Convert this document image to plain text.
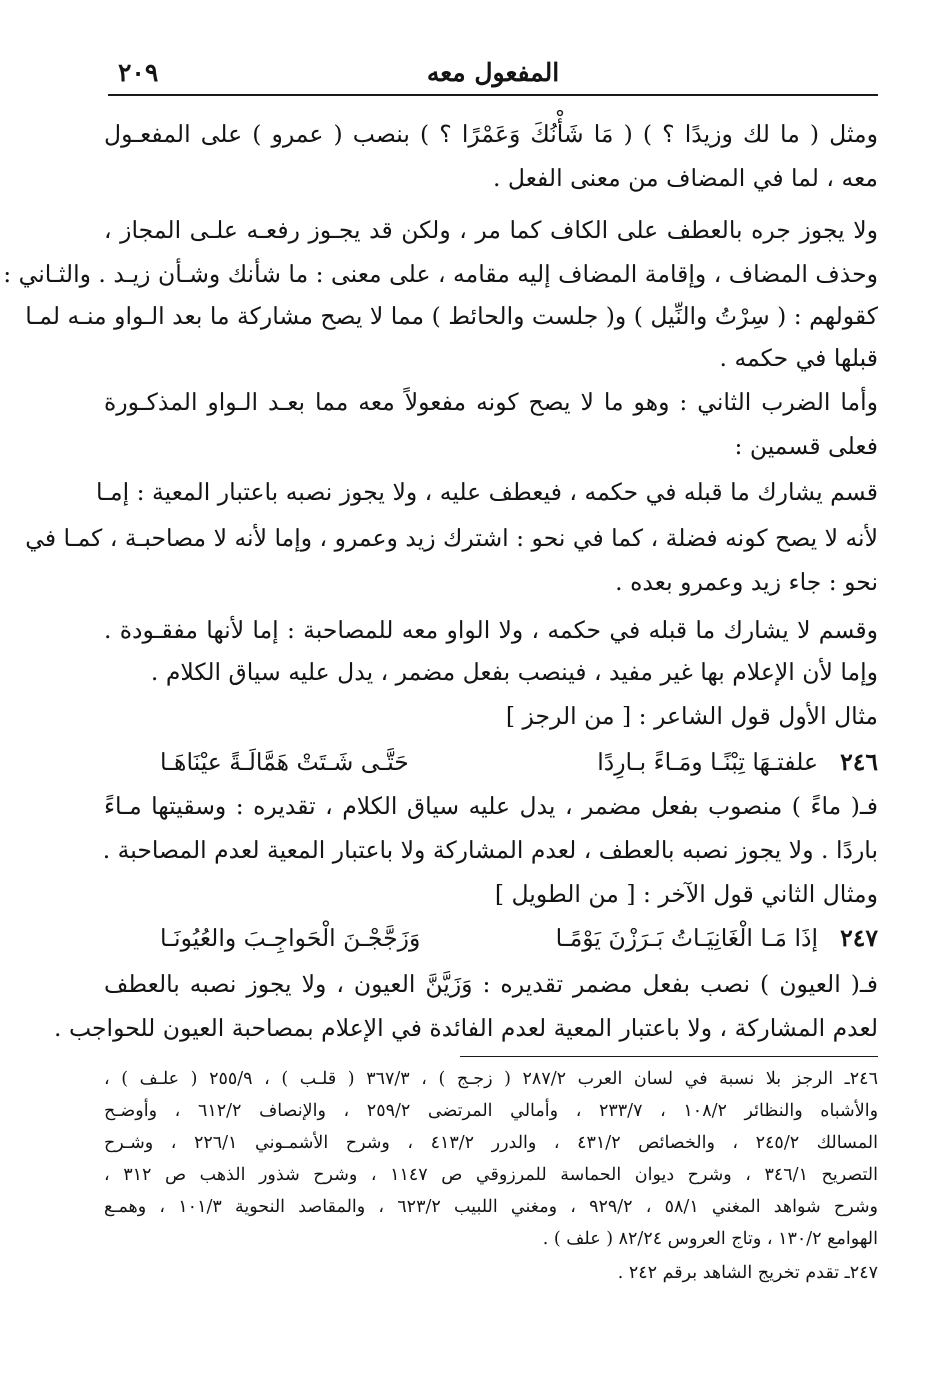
المفعول معه
٢٠٩
ومثل ( ما لك وزيدًا ؟ ) ( مَا شَأْنُكَ وَعَمْرًا ؟ ) بنصب ( عمرو ) على المفعـول
معه ، لما في المضاف من معنى الفعل .
ولا يجوز جره بالعطف على الكاف كما مر ، ولكن قد يجـوز رفعـه علـى المجاز ،
وحذف المضاف ، وإقامة المضاف إليه مقامه ، على معنى : ما شأنك وشـأن زيـد . والثـاني :
كقولهم : ( سِرْتُ والنِّيل ) و( جلست والحائط ) مما لا يصح مشاركة ما بعد الـواو منـه لمـا
قبلها في حكمه .
وأما الضرب الثاني : وهو ما لا يصح كونه مفعولاً معه مما بعـد الـواو المذكـورة
فعلى قسمين :
قسم يشارك ما قبله في حكمه ، فيعطف عليه ، ولا يجوز نصبه باعتبار المعية : إمـا
لأنه لا يصح كونه فضلة ، كما في نحو : اشترك زيد وعمرو ، وإما لأنه لا مصاحبـة ، كمـا في
نحو : جاء زيد وعمرو بعده .
وقسم لا يشارك ما قبله في حكمه ، ولا الواو معه للمصاحبة : إما لأنها مفقـودة .
وإما لأن الإعلام بها غير مفيد ، فينصب بفعل مضمر ، يدل عليه سياق الكلام .
مثال الأول قول الشاعر : [ من الرجز ]
فـ( ماءً ) منصوب بفعل مضمر ، يدل عليه سياق الكلام ، تقديره : وسقيتها مـاءً
باردًا . ولا يجوز نصبه بالعطف ، لعدم المشاركة ولا باعتبار المعية لعدم المصاحبة .
ومثال الثاني قول الآخر : [ من الطويل ]
فـ( العيون ) نصب بفعل مضمر تقديره : وَزَيَّنَّ العيون ، ولا يجوز نصبه بالعطف
لعدم المشاركة ، ولا باعتبار المعية لعدم الفائدة في الإعلام بمصاحبة العيون للحواجب .
٢٤٦
علفتـهَا تِبْنًـا ومَـاءً بـارِدًا
حَتَّـى شَـتَتْ هَمَّالَـةً عيْنَاهَـا
٢٤٧
إذَا مَـا الْغَانِيَـاتُ بَـرَزْنَ يَوْمًـا
وَزَجَّجْـنَ الْحَواجِـبَ والعُيُونَـا
٢٤٦ـ الرجز بلا نسبة في لسان العرب ٢٨٧/٢ ( زجـج ) ، ٣٦٧/٣ ( قلـب ) ، ٢٥٥/٩ ( علـف ) ،
والأشباه والنظائر ١٠٨/٢ ، ٢٣٣/٧ ، وأمالي المرتضى ٢٥٩/٢ ، والإنصاف ٦١٢/٢ ، وأوضـح
المسالك ٢٤٥/٢ ، والخصائص ٤٣١/٢ ، والدرر ٤١٣/٢ ، وشرح الأشمـوني ٢٢٦/١ ، وشـرح
التصريح ٣٤٦/١ ، وشرح ديوان الحماسة للمرزوقي ص ١١٤٧ ، وشرح شذور الذهب ص ٣١٢ ،
وشرح شواهد المغني ٥٨/١ ، ٩٢٩/٢ ، ومغني اللبيب ٦٢٣/٢ ، والمقاصد النحوية ١٠١/٣ ، وهمـع
الهوامع ١٣٠/٢ ، وتاج العروس ٨٢/٢٤ ( علف ) .
٢٤٧ـ تقدم تخريج الشاهد برقم ٢٤٢ .
